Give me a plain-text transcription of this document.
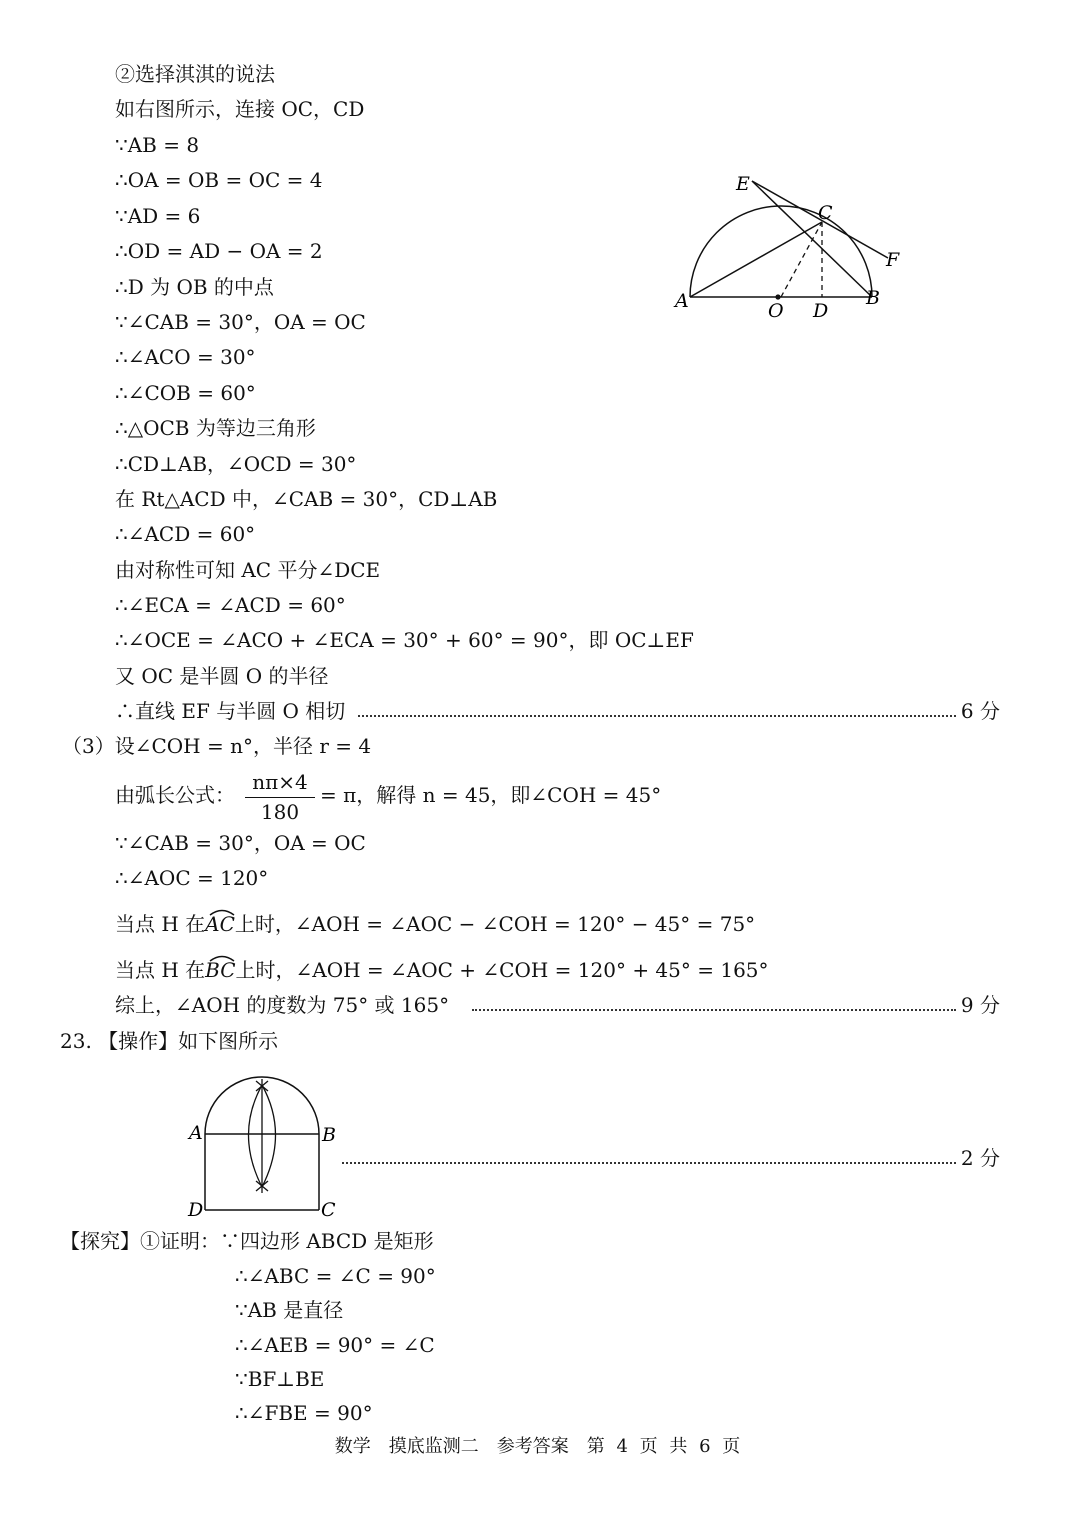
②选择淇淇的说法
如右图所示，连接 OC，CD
∵AB = 8
∴OA = OB = OC = 4
∵AD = 6
∴OD = AD − OA = 2
∴D 为 OB 的中点
∵∠CAB = 30°，OA = OC
∴∠ACO = 30°
∴∠COB = 60°
∴△OCB 为等边三角形
∴CD⊥AB，∠OCD = 30°
在 Rt△ACD 中，∠CAB = 30°，CD⊥AB
∴∠ACD = 60°
由对称性可知 AC 平分∠DCE
∴∠ECA = ∠ACD = 60°
∴∠OCE = ∠ACO + ∠ECA = 30° + 60° = 90°，即 OC⊥EF
又 OC 是半圆 O 的半径
∴直线 EF 与半圆 O 相切	6 分
（3）设∠COH = n°，半径 r = 4
由弧长公式：
nπ×4
180
= π，解得 n = 45，即∠COH = 45°
∵∠CAB = 30°，OA = OC
∴∠AOC = 120°
当点 H 在AC上时，∠AOH = ∠AOC − ∠COH = 120° − 45° = 75°
当点 H 在BC上时，∠AOH = ∠AOC + ∠COH = 120° + 45° = 165°
综上，∠AOH 的度数为 75° 或 165°	9 分
23. 【操作】如下图所示
2 分
【探究】①证明：∵四边形 ABCD 是矩形
∴∠ABC = ∠C = 90°
∵AB 是直径
∴∠AEB = 90° = ∠C
∵BF⊥BE
∴∠FBE = 90°
E
C
F
A	O D
B
A	B
D	C
数学　摸底监测二　参考答案　第 4 页 共 6 页
